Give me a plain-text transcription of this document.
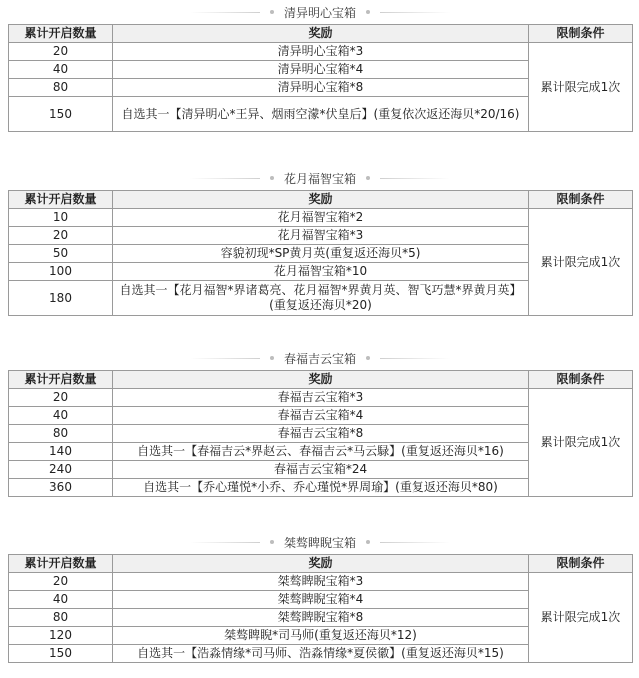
清异明心宝箱
累计开启数量	奖励	限制条件
20	清异明心宝箱*3	累计限完成1次
40	清异明心宝箱*4	
80	清异明心宝箱*8	
150	自选其一【清异明心*王异、烟雨空濛*伏皇后】(重复依次返还海贝*20/16)	
花月福智宝箱
累计开启数量	奖励	限制条件
10	花月福智宝箱*2	累计限完成1次
20	花月福智宝箱*3	
50	容貌初现*SP黄月英(重复返还海贝*5)	
100	花月福智宝箱*10	
180	自选其一【花月福智*界诸葛亮、花月福智*界黄月英、智飞巧慧*界黄月英】(重复返还海贝*20)	
春福吉云宝箱
累计开启数量	奖励	限制条件
20	春福吉云宝箱*3	累计限完成1次
40	春福吉云宝箱*4	
80	春福吉云宝箱*8	
140	自选其一【春福吉云*界赵云、春福吉云*马云騄】(重复返还海贝*16)	
240	春福吉云宝箱*24	
360	自选其一【乔心瑾悦*小乔、乔心瑾悦*界周瑜】(重复返还海贝*80)	
桀骜睥睨宝箱
累计开启数量	奖励	限制条件
20	桀骜睥睨宝箱*3	累计限完成1次
40	桀骜睥睨宝箱*4	
80	桀骜睥睨宝箱*8	
120	桀骜睥睨*司马师(重复返还海贝*12)	
150	自选其一【浩淼情缘*司马师、浩淼情缘*夏侯徽】(重复返还海贝*15)	
